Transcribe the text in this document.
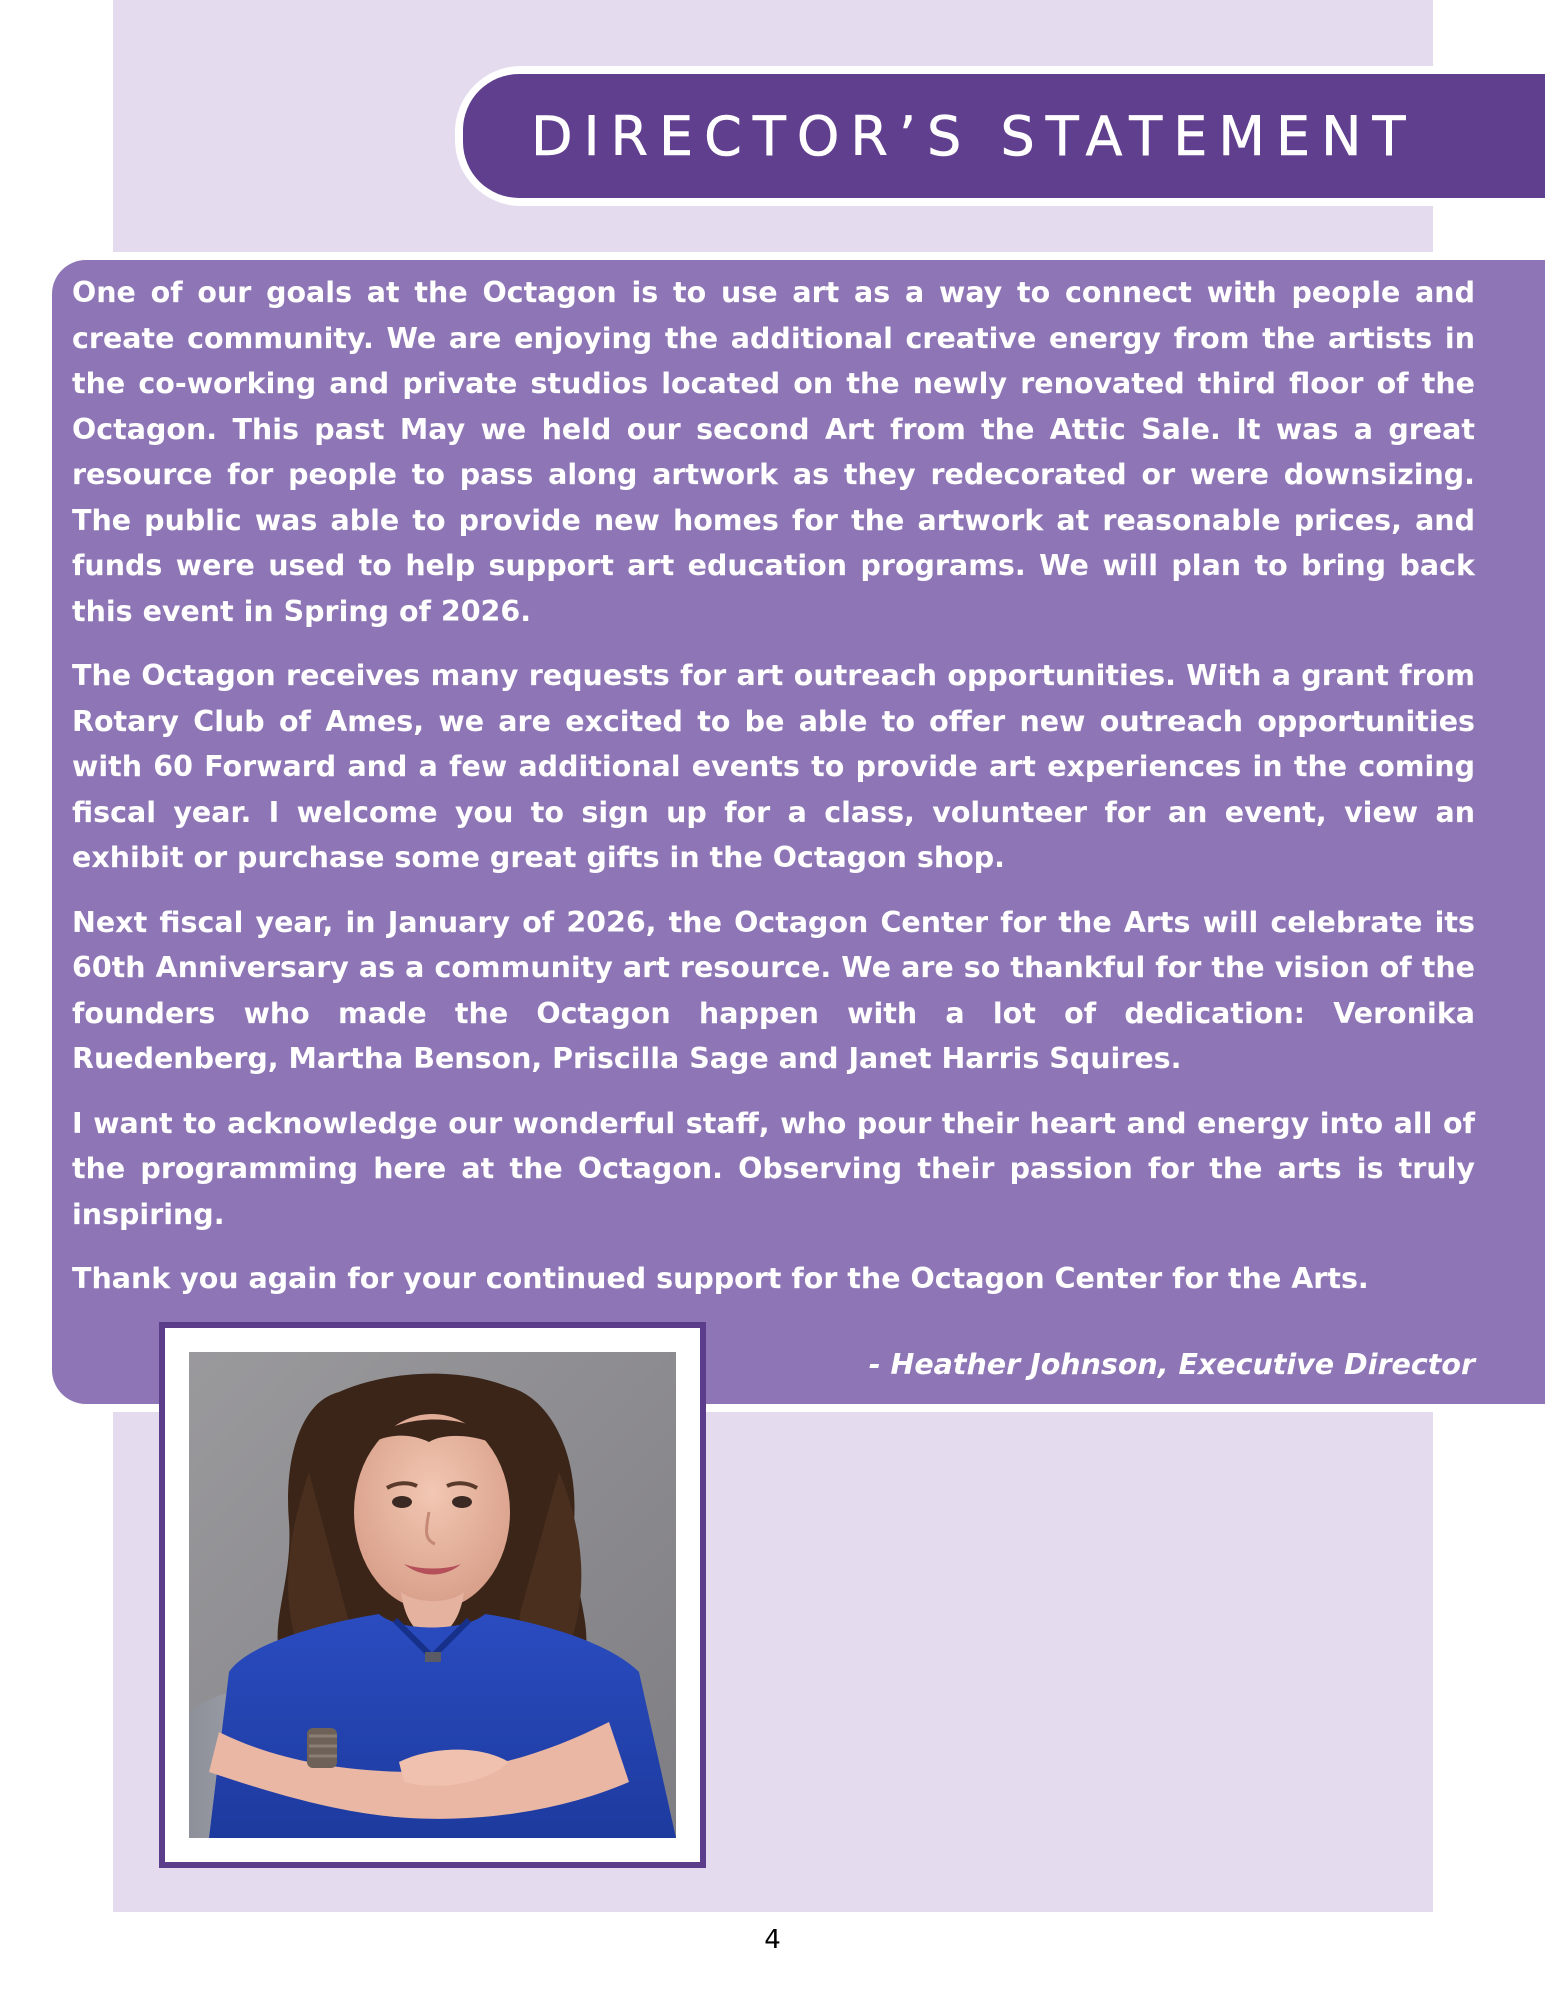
DIRECTOR’S STATEMENT

One of our goals at the Octagon is to use art as a way to connect with people and create community. We are enjoying the additional creative energy from the artists in the co-working and private studios located on the newly renovated third floor of the Octagon. This past May we held our second Art from the Attic Sale. It was a great resource for people to pass along artwork as they redecorated or were downsizing. The public was able to provide new homes for the artwork at reasonable prices, and funds were used to help support art education programs. We will plan to bring back this event in Spring of 2026.

The Octagon receives many requests for art outreach opportunities. With a grant from Rotary Club of Ames, we are excited to be able to offer new outreach opportunities with 60 Forward and a few additional events to provide art experiences in the coming fiscal year. I welcome you to sign up for a class, volunteer for an event, view an exhibit or purchase some great gifts in the Octagon shop.

Next fiscal year, in January of 2026, the Octagon Center for the Arts will celebrate its 60th Anniversary as a community art resource. We are so thankful for the vision of the founders who made the Octagon happen with a lot of dedication: Veronika Ruedenberg, Martha Benson, Priscilla Sage and Janet Harris Squires.

I want to acknowledge our wonderful staff, who pour their heart and energy into all of the programming here at the Octagon. Observing their passion for the arts is truly inspiring.

Thank you again for your continued support for the Octagon Center for the Arts.

- Heather Johnson, Executive Director
4
